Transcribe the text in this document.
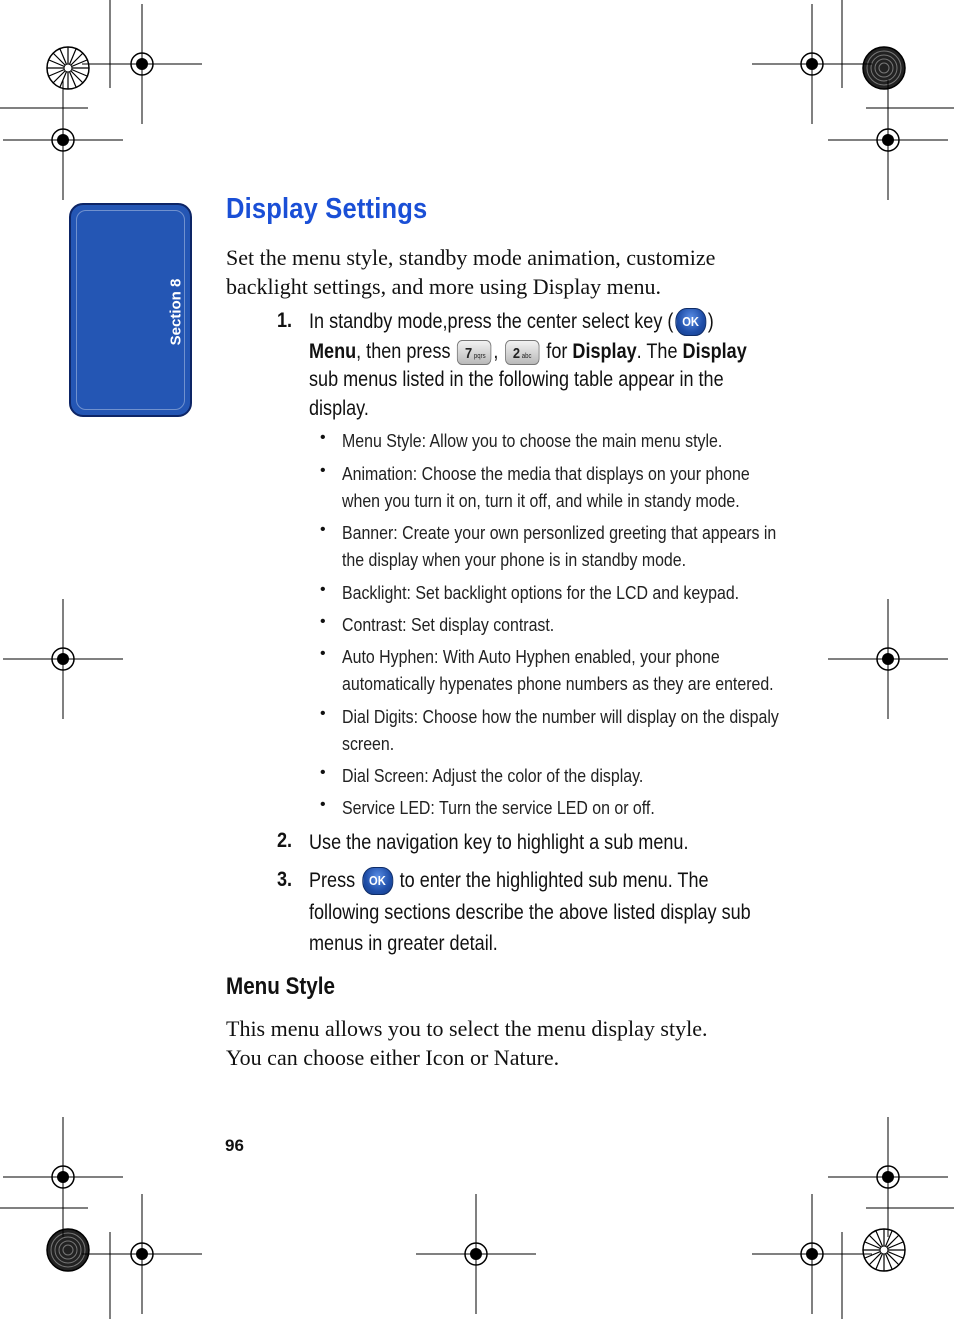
Section 8
Display Settings
Set the menu style, standby mode animation, customize
backlight settings, and more using Display menu.
1. In standby mode,press the center select key ( OK )
Menu, then press 7 pqrs , 2 abc for Display. The Display
sub menus listed in the following table appear in the
display.
• Menu Style: Allow you to choose the main menu style.
• Animation: Choose the media that displays on your phone
when you turn it on, turn it off, and while in standy mode.
• Banner: Create your own personlized greeting that appears in
the display when your phone is in standby mode.
• Backlight: Set backlight options for the LCD and keypad.
• Contrast: Set display contrast.
• Auto Hyphen: With Auto Hyphen enabled, your phone
automatically hypenates phone numbers as they are entered.
• Dial Digits: Choose how the number will display on the dispaly
screen.
• Dial Screen: Adjust the color of the display.
• Service LED: Turn the service LED on or off.
2. Use the navigation key to highlight a sub menu.
3. Press OK to enter the highlighted sub menu. The
following sections describe the above listed display sub
menus in greater detail.
Menu Style
This menu allows you to select the menu display style.
You can choose either Icon or Nature.
96
